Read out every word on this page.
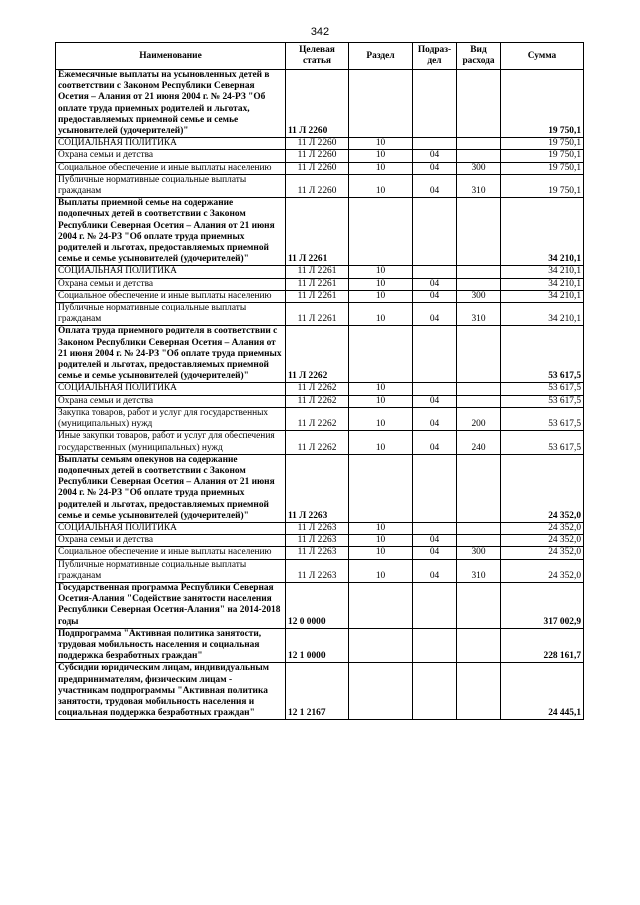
342
Наименование	Целевая статья	Раздел	Подраз-дел	Вид расхода	Сумма
Ежемесячные выплаты на усыновленных детей в соответствии с Законом Республики Северная Осетия – Алания от 21 июня 2004 г. № 24-РЗ "Об оплате труда приемных родителей и льготах, предоставляемых приемной семье и семье усыновителей (удочерителей)"	11 Л 2260				19 750,1
СОЦИАЛЬНАЯ ПОЛИТИКА	11 Л 2260	10			19 750,1
Охрана семьи и детства	11 Л 2260	10	04		19 750,1
Социальное обеспечение и иные выплаты населению	11 Л 2260	10	04	300	19 750,1
Публичные нормативные социальные выплаты гражданам	11 Л 2260	10	04	310	19 750,1
Выплаты приемной семье на содержание подопечных детей в соответствии с Законом Республики Северная Осетия – Алания от 21 июня 2004 г. № 24-РЗ "Об оплате труда приемных родителей и льготах, предоставляемых приемной семье и семье усыновителей (удочерителей)"	11 Л 2261				34 210,1
СОЦИАЛЬНАЯ ПОЛИТИКА	11 Л 2261	10			34 210,1
Охрана семьи и детства	11 Л 2261	10	04		34 210,1
Социальное обеспечение и иные выплаты населению	11 Л 2261	10	04	300	34 210,1
Публичные нормативные социальные выплаты гражданам	11 Л 2261	10	04	310	34 210,1
Оплата труда приемного родителя в соответствии с Законом Республики Северная Осетия – Алания от 21 июня 2004 г. № 24-РЗ "Об оплате труда приемных родителей и льготах, предоставляемых приемной семье и семье усыновителей (удочерителей)"	11 Л 2262				53 617,5
СОЦИАЛЬНАЯ ПОЛИТИКА	11 Л 2262	10			53 617,5
Охрана семьи и детства	11 Л 2262	10	04		53 617,5
Закупка товаров, работ и услуг для государственных (муниципальных) нужд	11 Л 2262	10	04	200	53 617,5
Иные закупки товаров, работ и услуг для обеспечения государственных (муниципальных) нужд	11 Л 2262	10	04	240	53 617,5
Выплаты семьям опекунов на содержание подопечных детей в соответствии с Законом Республики Северная Осетия – Алания от 21 июня 2004 г. № 24-РЗ "Об оплате труда приемных родителей и льготах, предоставляемых приемной семье и семье усыновителей (удочерителей)"	11 Л 2263				24 352,0
СОЦИАЛЬНАЯ ПОЛИТИКА	11 Л 2263	10			24 352,0
Охрана семьи и детства	11 Л 2263	10	04		24 352,0
Социальное обеспечение и иные выплаты населению	11 Л 2263	10	04	300	24 352,0
Публичные нормативные социальные выплаты гражданам	11 Л 2263	10	04	310	24 352,0
Государственная программа Республики Северная Осетия-Алания "Содействие занятости населения Республики Северная Осетия-Алания" на 2014-2018 годы	12 0 0000				317 002,9
Подпрограмма "Активная политика занятости, трудовая мобильность населения и социальная поддержка безработных граждан"	12 1 0000				228 161,7
Субсидии юридическим лицам, индивидуальным предпринимателям, физическим лицам - участникам подпрограммы "Активная политика занятости, трудовая мобильность населения и социальная поддержка безработных граждан"	12 1 2167				24 445,1
